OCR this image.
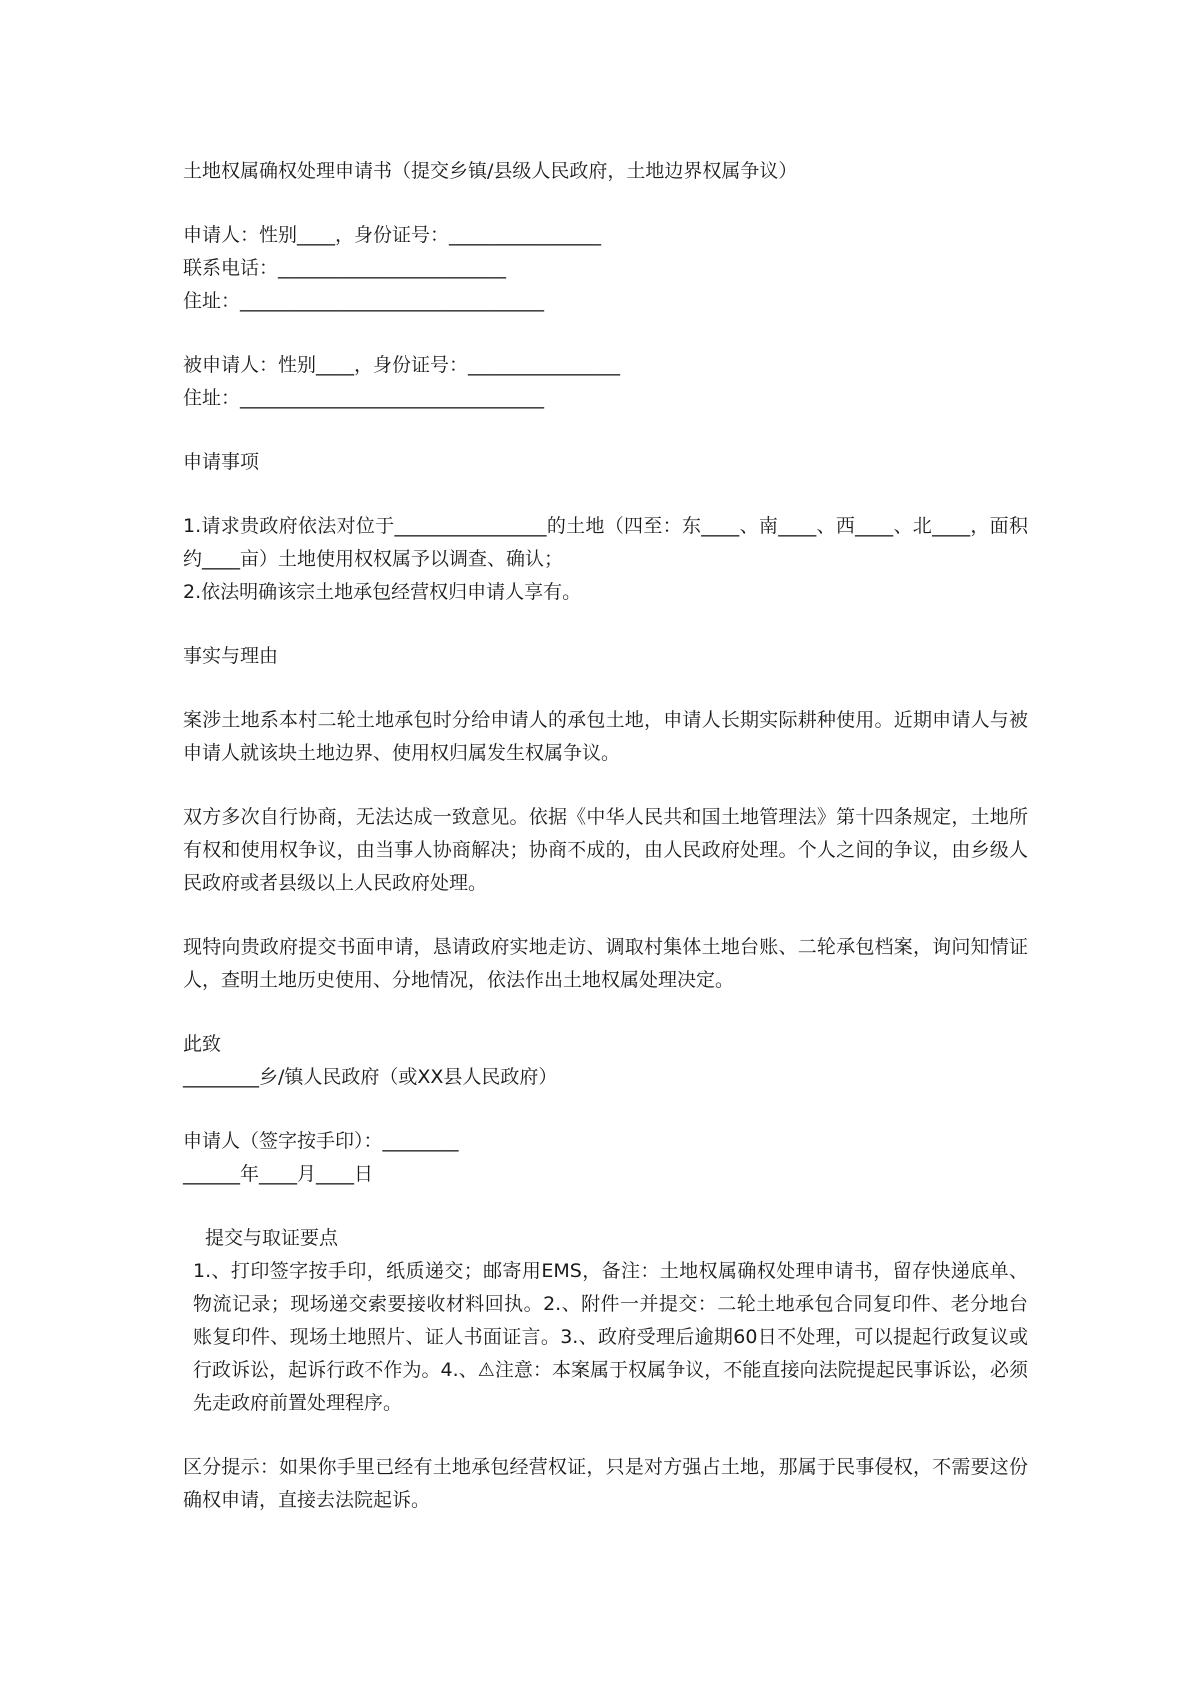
土地权属确权处理申请书（提交乡镇/县级人民政府，土地边界权属争议）

申请人：性别____，身份证号：________________

联系电话：________________________

住址：________________________________

被申请人：性别____，身份证号：________________

住址：________________________________

申请事项

1.请求贵政府依法对位于________________的土地（四至：东____、南____、西____、北____，面积约____亩）土地使用权权属予以调查、确认；

2.依法明确该宗土地承包经营权归申请人享有。

事实与理由

案涉土地系本村二轮土地承包时分给申请人的承包土地，申请人长期实际耕种使用。近期申请人与被申请人就该块土地边界、使用权归属发生权属争议。

双方多次自行协商，无法达成一致意见。依据《中华人民共和国土地管理法》第十四条规定，土地所有权和使用权争议，由当事人协商解决；协商不成的，由人民政府处理。个人之间的争议，由乡级人民政府或者县级以上人民政府处理。

现特向贵政府提交书面申请，恳请政府实地走访、调取村集体土地台账、二轮承包档案，询问知情证人，查明土地历史使用、分地情况，依法作出土地权属处理决定。

此致

________乡/镇人民政府（或XX县人民政府）

申请人（签字按手印）：________

______年____月____日

提交与取证要点

1.、打印签字按手印，纸质递交；邮寄用EMS，备注：土地权属确权处理申请书，留存快递底单、物流记录；现场递交索要接收材料回执。2.、附件一并提交：二轮土地承包合同复印件、老分地台账复印件、现场土地照片、证人书面证言。3.、政府受理后逾期60日不处理，可以提起行政复议或行政诉讼，起诉行政不作为。4.、⚠注意：本案属于权属争议，不能直接向法院提起民事诉讼，必须先走政府前置处理程序。

区分提示：如果你手里已经有土地承包经营权证，只是对方强占土地，那属于民事侵权，不需要这份确权申请，直接去法院起诉。
